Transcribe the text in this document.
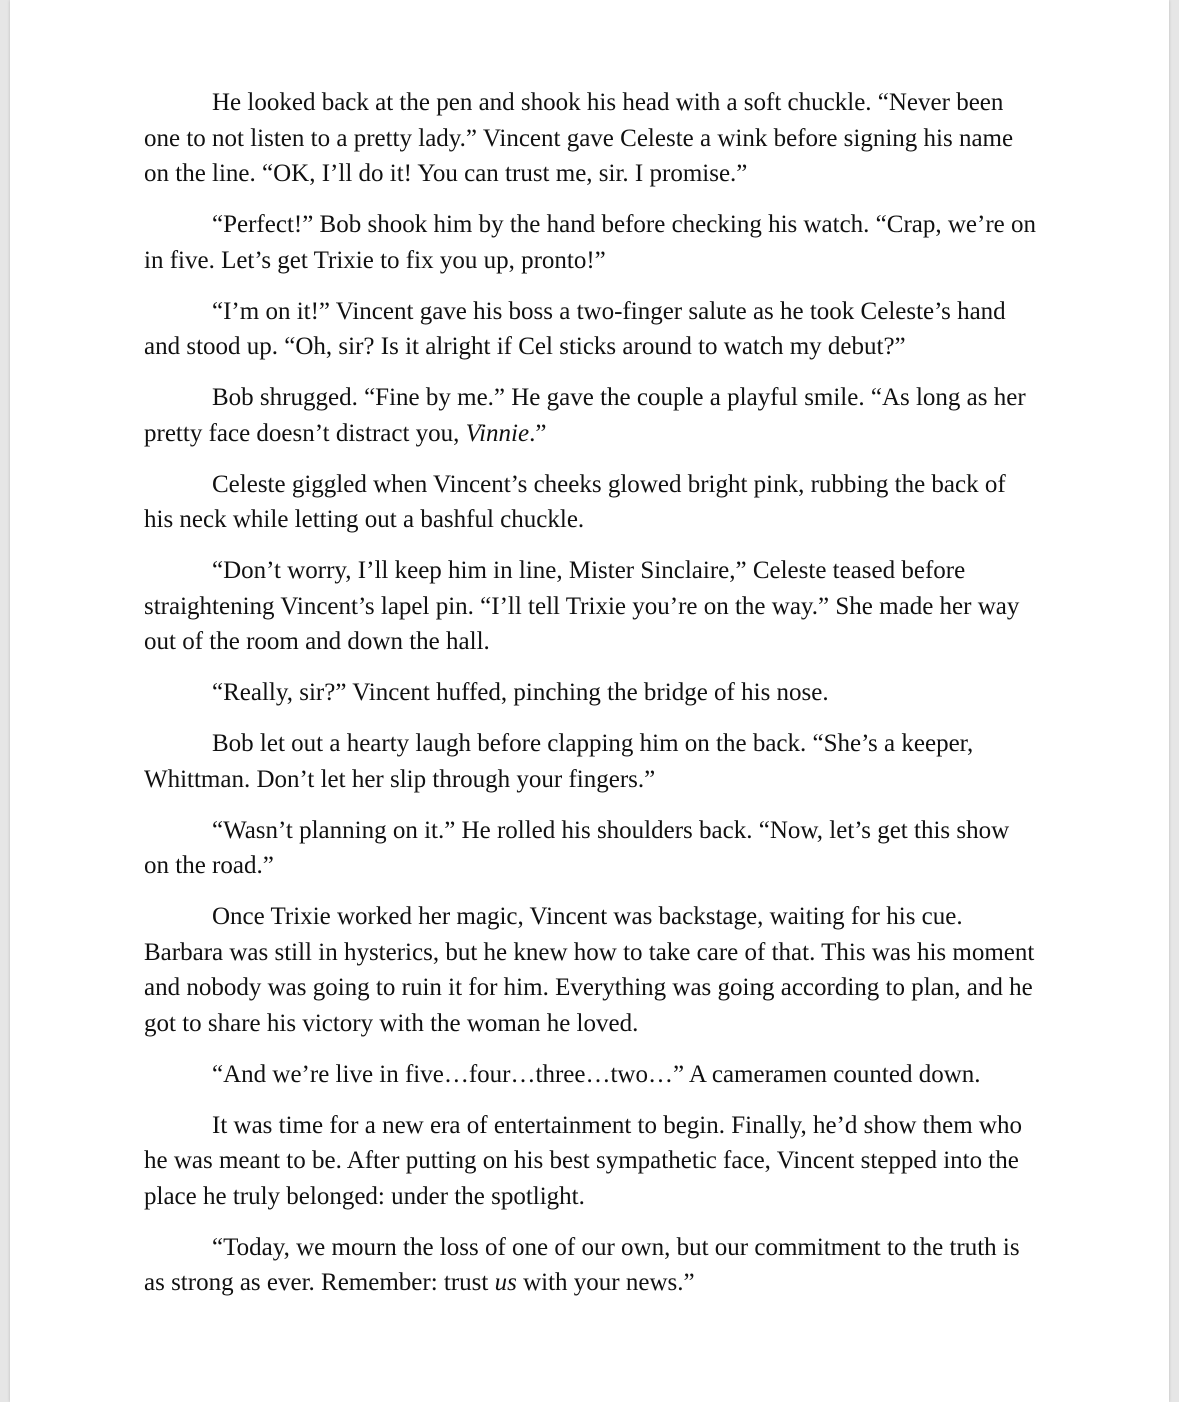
He looked back at the pen and shook his head with a soft chuckle. “Never been one to not listen to a pretty lady.” Vincent gave Celeste a wink before signing his name on the line. “OK, I’ll do it! You can trust me, sir. I promise.”

“Perfect!” Bob shook him by the hand before checking his watch. “Crap, we’re on in five. Let’s get Trixie to fix you up, pronto!”

“I’m on it!” Vincent gave his boss a two-finger salute as he took Celeste’s hand and stood up. “Oh, sir? Is it alright if Cel sticks around to watch my debut?”

Bob shrugged. “Fine by me.” He gave the couple a playful smile. “As long as her pretty face doesn’t distract you, Vinnie.”

Celeste giggled when Vincent’s cheeks glowed bright pink, rubbing the back of his neck while letting out a bashful chuckle.

“Don’t worry, I’ll keep him in line, Mister Sinclaire,” Celeste teased before straightening Vincent’s lapel pin. “I’ll tell Trixie you’re on the way.” She made her way out of the room and down the hall.

“Really, sir?” Vincent huffed, pinching the bridge of his nose.

Bob let out a hearty laugh before clapping him on the back. “She’s a keeper, Whittman. Don’t let her slip through your fingers.”

“Wasn’t planning on it.” He rolled his shoulders back. “Now, let’s get this show on the road.”

Once Trixie worked her magic, Vincent was backstage, waiting for his cue. Barbara was still in hysterics, but he knew how to take care of that. This was his moment and nobody was going to ruin it for him. Everything was going according to plan, and he got to share his victory with the woman he loved.

“And we’re live in five…four…three…two…” A cameramen counted down.

It was time for a new era of entertainment to begin. Finally, he’d show them who he was meant to be. After putting on his best sympathetic face, Vincent stepped into the place he truly belonged: under the spotlight.

“Today, we mourn the loss of one of our own, but our commitment to the truth is as strong as ever. Remember: trust us with your news.”
